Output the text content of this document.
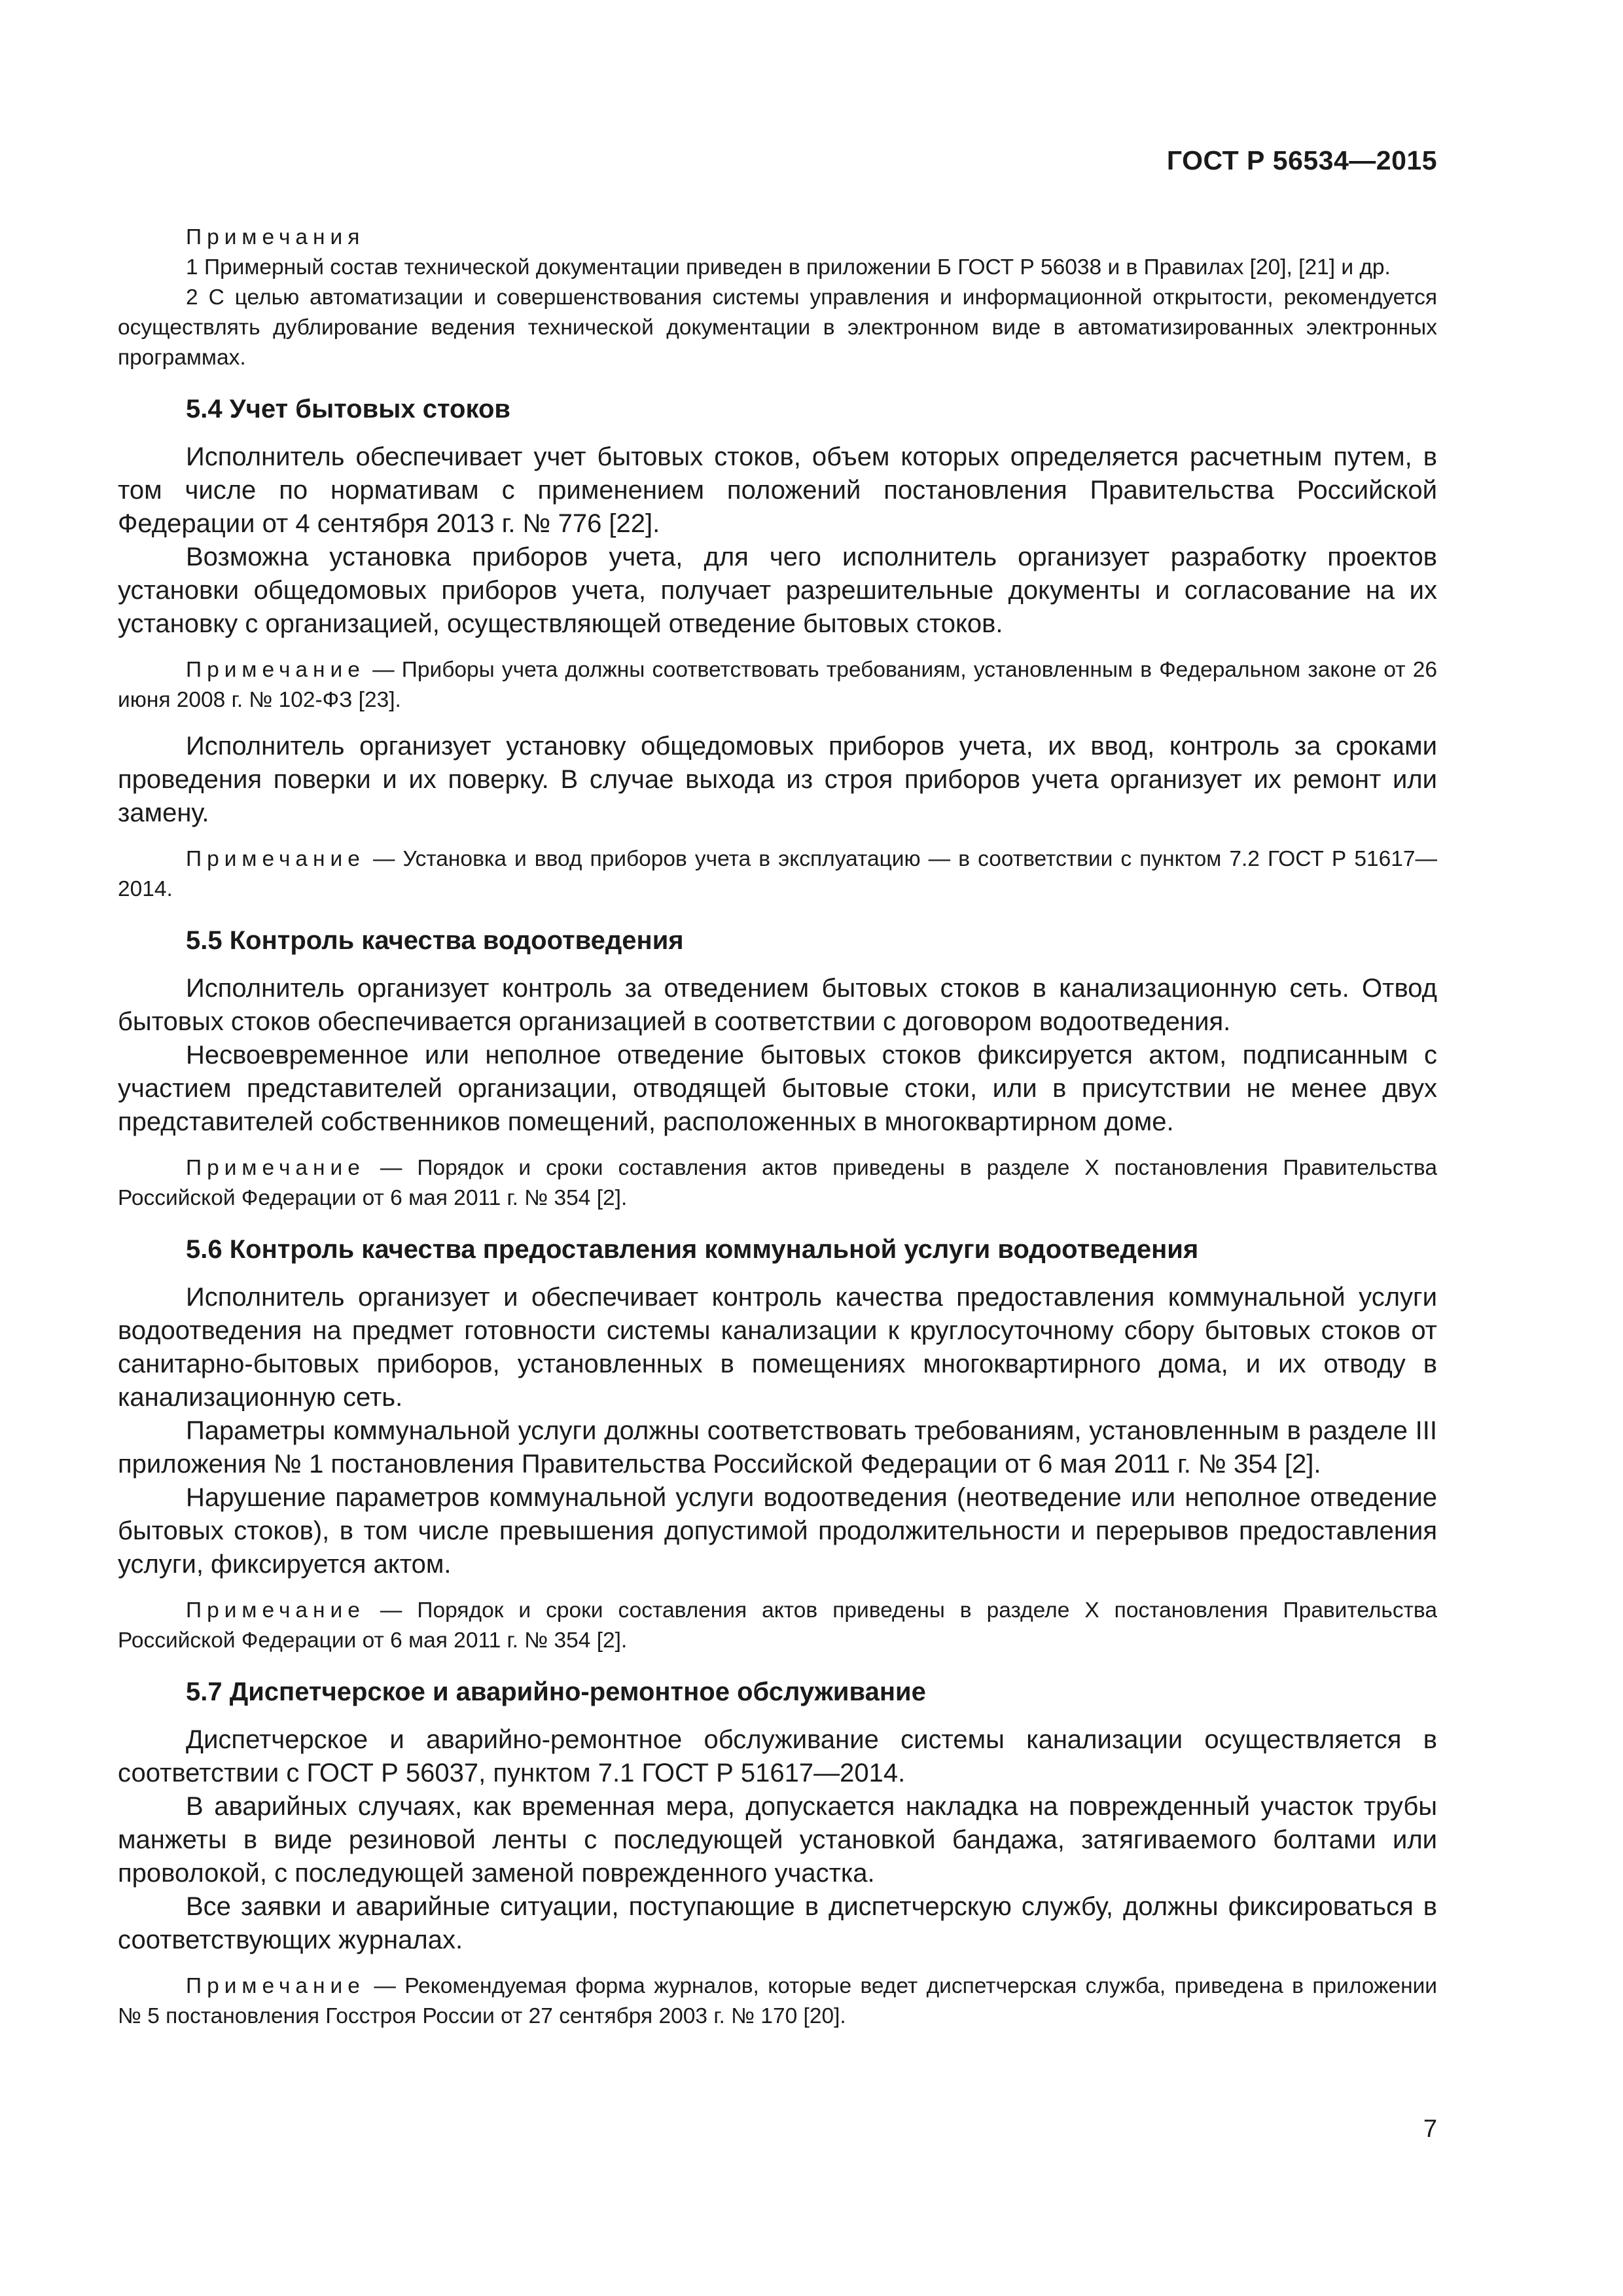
ГОСТ Р 56534—2015

Примечания

1 Примерный состав технической документации приведен в приложении Б ГОСТ Р 56038 и в Правилах [20], [21] и др.

2 С целью автоматизации и совершенствования системы управления и информационной открытости, рекомендуется осуществлять дублирование ведения технической документации в электронном виде в автоматизированных электронных программах.

5.4 Учет бытовых стоков

Исполнитель обеспечивает учет бытовых стоков, объем которых определяется расчетным путем, в том числе по нормативам с применением положений постановления Правительства Российской Федерации от 4 сентября 2013 г. № 776 [22].

Возможна установка приборов учета, для чего исполнитель организует разработку проектов установки общедомовых приборов учета, получает разрешительные документы и согласование на их установку с организацией, осуществляющей отведение бытовых стоков.

Примечание — Приборы учета должны соответствовать требованиям, установленным в Федеральном законе от 26 июня 2008 г. № 102-ФЗ [23].

Исполнитель организует установку общедомовых приборов учета, их ввод, контроль за сроками проведения поверки и их поверку. В случае выхода из строя приборов учета организует их ремонт или замену.

Примечание — Установка и ввод приборов учета в эксплуатацию — в соответствии с пунктом 7.2 ГОСТ Р 51617—2014.

5.5 Контроль качества водоотведения

Исполнитель организует контроль за отведением бытовых стоков в канализационную сеть. Отвод бытовых стоков обеспечивается организацией в соответствии с договором водоотведения.

Несвоевременное или неполное отведение бытовых стоков фиксируется актом, подписанным с участием представителей организации, отводящей бытовые стоки, или в присутствии не менее двух представителей собственников помещений, расположенных в многоквартирном доме.

Примечание — Порядок и сроки составления актов приведены в разделе X постановления Правительства Российской Федерации от 6 мая 2011 г. № 354 [2].

5.6 Контроль качества предоставления коммунальной услуги водоотведения

Исполнитель организует и обеспечивает контроль качества предоставления коммунальной услуги водоотведения на предмет готовности системы канализации к круглосуточному сбору бытовых стоков от санитарно-бытовых приборов, установленных в помещениях многоквартирного дома, и их отводу в канализационную сеть.

Параметры коммунальной услуги должны соответствовать требованиям, установленным в разделе III приложения № 1 постановления Правительства Российской Федерации от 6 мая 2011 г. № 354 [2].

Нарушение параметров коммунальной услуги водоотведения (неотведение или неполное отведение бытовых стоков), в том числе превышения допустимой продолжительности и перерывов предоставления услуги, фиксируется актом.

Примечание — Порядок и сроки составления актов приведены в разделе X постановления Правительства Российской Федерации от 6 мая 2011 г. № 354 [2].

5.7 Диспетчерское и аварийно-ремонтное обслуживание

Диспетчерское и аварийно-ремонтное обслуживание системы канализации осуществляется в соответствии с ГОСТ Р 56037, пунктом 7.1 ГОСТ Р 51617—2014.

В аварийных случаях, как временная мера, допускается накладка на поврежденный участок трубы манжеты в виде резиновой ленты с последующей установкой бандажа, затягиваемого болтами или проволокой, с последующей заменой поврежденного участка.

Все заявки и аварийные ситуации, поступающие в диспетчерскую службу, должны фиксироваться в соответствующих журналах.

Примечание — Рекомендуемая форма журналов, которые ведет диспетчерская служба, приведена в приложении № 5 постановления Госстроя России от 27 сентября 2003 г. № 170 [20].

7
